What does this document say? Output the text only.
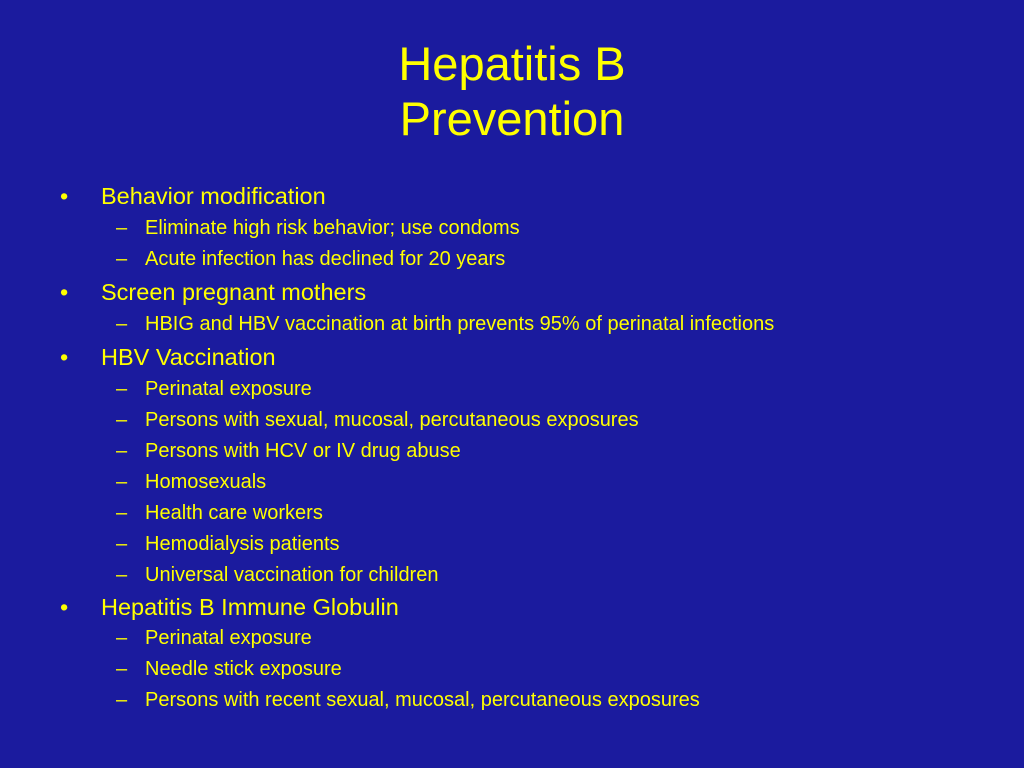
Hepatitis B
Prevention
• Behavior modification
– Eliminate high risk behavior; use condoms
– Acute infection has declined for 20 years
• Screen pregnant mothers
– HBIG and HBV vaccination at birth prevents 95% of perinatal infections
• HBV Vaccination
– Perinatal exposure
– Persons with sexual, mucosal, percutaneous exposures
– Persons with HCV or IV drug abuse
– Homosexuals
– Health care workers
– Hemodialysis patients
– Universal vaccination for children
• Hepatitis B Immune Globulin
– Perinatal exposure
– Needle stick exposure
– Persons with recent sexual, mucosal, percutaneous exposures
